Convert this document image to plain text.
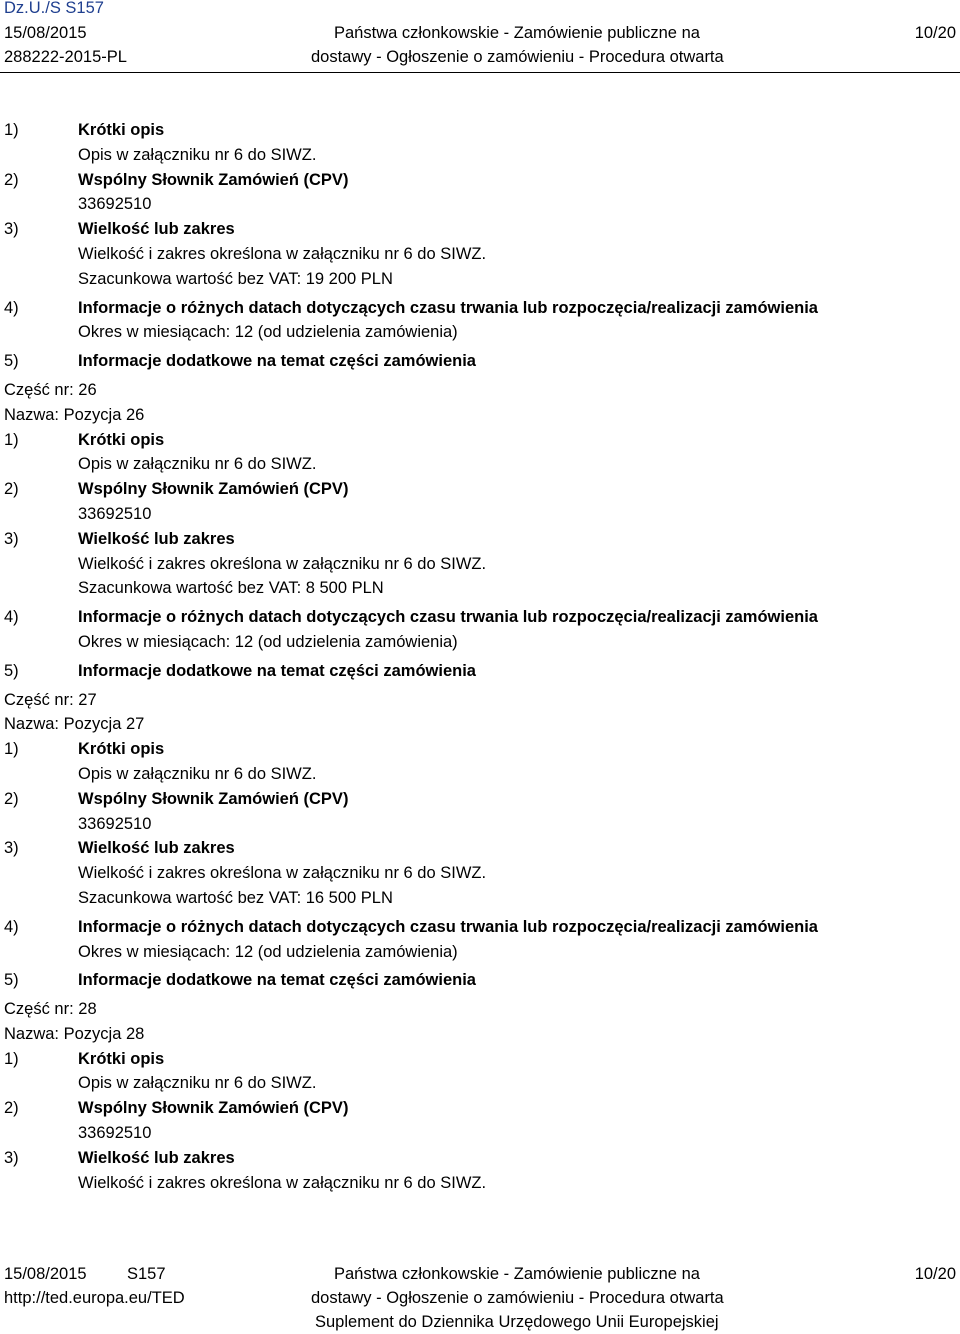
Dz.U./S S157
15/08/2015
288222-2015-PL
Państwa członkowskie - Zamówienie publiczne na
dostawy - Ogłoszenie o zamówieniu - Procedura otwarta
10/20
1)	Krótki opis
Opis w załączniku nr 6 do SIWZ.
2)	Wspólny Słownik Zamówień (CPV)
33692510
3)	Wielkość lub zakres
Wielkość i zakres określona w załączniku nr 6 do SIWZ.
Szacunkowa wartość bez VAT: 19 200 PLN
4)	Informacje o różnych datach dotyczących czasu trwania lub rozpoczęcia/realizacji zamówienia
Okres w miesiącach: 12 (od udzielenia zamówienia)
5)	Informacje dodatkowe na temat części zamówienia
Część nr: 26
Nazwa: Pozycja 26
1)	Krótki opis
Opis w załączniku nr 6 do SIWZ.
2)	Wspólny Słownik Zamówień (CPV)
33692510
3)	Wielkość lub zakres
Wielkość i zakres określona w załączniku nr 6 do SIWZ.
Szacunkowa wartość bez VAT: 8 500 PLN
4)	Informacje o różnych datach dotyczących czasu trwania lub rozpoczęcia/realizacji zamówienia
Okres w miesiącach: 12 (od udzielenia zamówienia)
5)	Informacje dodatkowe na temat części zamówienia
Część nr: 27
Nazwa: Pozycja 27
1)	Krótki opis
Opis w załączniku nr 6 do SIWZ.
2)	Wspólny Słownik Zamówień (CPV)
33692510
3)	Wielkość lub zakres
Wielkość i zakres określona w załączniku nr 6 do SIWZ.
Szacunkowa wartość bez VAT: 16 500 PLN
4)	Informacje o różnych datach dotyczących czasu trwania lub rozpoczęcia/realizacji zamówienia
Okres w miesiącach: 12 (od udzielenia zamówienia)
5)	Informacje dodatkowe na temat części zamówienia
Część nr: 28
Nazwa: Pozycja 28
1)	Krótki opis
Opis w załączniku nr 6 do SIWZ.
2)	Wspólny Słownik Zamówień (CPV)
33692510
3)	Wielkość lub zakres
Wielkość i zakres określona w załączniku nr 6 do SIWZ.
15/08/2015 S157
http://ted.europa.eu/TED
Państwa członkowskie - Zamówienie publiczne na
dostawy - Ogłoszenie o zamówieniu - Procedura otwarta
Suplement do Dziennika Urzędowego Unii Europejskiej
10/20
